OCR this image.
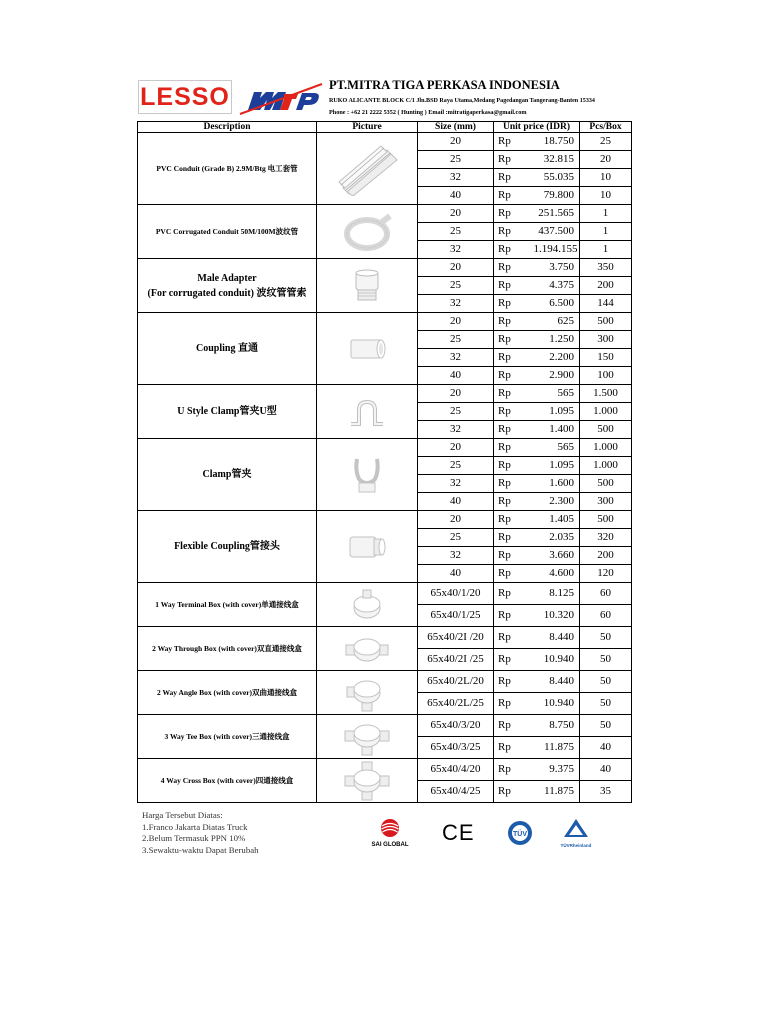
LESSO	PT.MITRA TIGA PERKASA INDONESIA
RUKO ALICANTE BLOCK C/1 Jln.BSD Raya Utama,Medang Pagedangan Tangerang-Banten 15334
Phone : +62 21 2222 5352 ( Hunting ) Email :mitratigaperkasa@gmail.com
Description	Picture	Size (mm)	Unit price (IDR)		Pcs/Box
PVC Conduit (Grade B) 2.9M/Btg 电工套管		20	Rp	18.750	25
		25	Rp	32.815	20
		32	Rp	55.035	10
		40	Rp	79.800	10
PVC Corrugated Conduit 50M/100M波纹管		20	Rp	251.565	1
		25	Rp	437.500	1
		32	Rp	1.194.155	1
Male Adapter
(For corrugated conduit) 波纹管管索		20	Rp	3.750	350
		25	Rp	4.375	200
		32	Rp	6.500	144
Coupling 直通		20	Rp	625	500
		25	Rp	1.250	300
		32	Rp	2.200	150
		40	Rp	2.900	100
U Style Clamp管夹U型		20	Rp	565	1.500
		25	Rp	1.095	1.000
		32	Rp	1.400	500
Clamp管夹		20	Rp	565	1.000
		25	Rp	1.095	1.000
		32	Rp	1.600	500
		40	Rp	2.300	300
Flexible Coupling管接头		20	Rp	1.405	500
		25	Rp	2.035	320
		32	Rp	3.660	200
		40	Rp	4.600	120
1 Way Terminal Box (with cover)单通接线盒		65x40/1/20	Rp	8.125	60
		65x40/1/25	Rp	10.320	60
2 Way Through Box (with cover)双直通接线盒		65x40/2I /20	Rp	8.440	50
		65x40/2I /25	Rp	10.940	50
2 Way Angle Box (with cover)双曲通接线盒		65x40/2L/20	Rp	8.440	50
		65x40/2L/25	Rp	10.940	50
3 Way Tee Box (with cover)三通接线盒		65x40/3/20	Rp	8.750	50
		65x40/3/25	Rp	11.875	40
4 Way Cross Box (with cover)四通接线盒		65x40/4/20	Rp	9.375	40
		65x40/4/25	Rp	11.875	35
Harga Tersebut Diatas:
1.Franco Jakarta Diatas Truck
2.Belum Termasuk PPN 10%
3.Sewaktu-waktu Dapat Berubah	SAI GLOBAL CE	TÜV
TÜVRheinland
